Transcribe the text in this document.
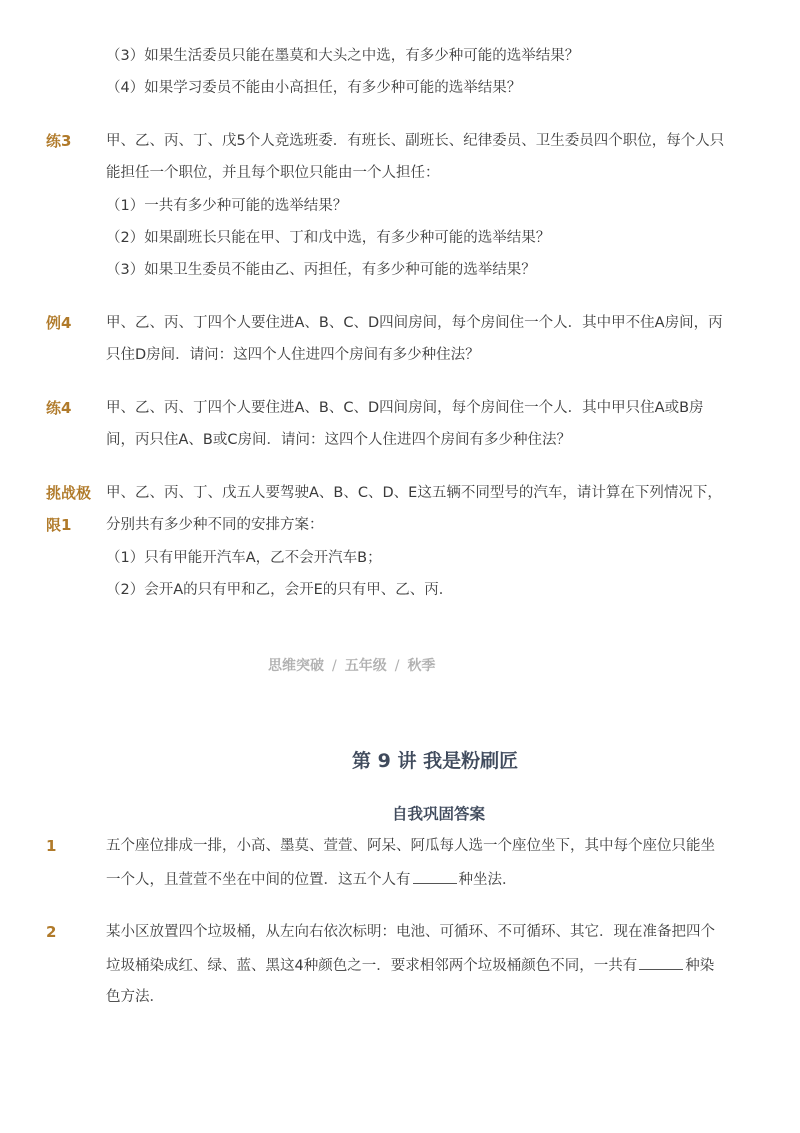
（3）如果生活委员只能在墨莫和大头之中选，有多少种可能的选举结果？
（4）如果学习委员不能由小高担任，有多少种可能的选举结果？
练3 甲、乙、丙、丁、戊5个人竞选班委．有班长、副班长、纪律委员、卫生委员四个职位，每个人只
能担任一个职位，并且每个职位只能由一个人担任：
（1）一共有多少种可能的选举结果？
（2）如果副班长只能在甲、丁和戊中选，有多少种可能的选举结果？
（3）如果卫生委员不能由乙、丙担任，有多少种可能的选举结果？
例4 甲、乙、丙、丁四个人要住进A、B、C、D四间房间，每个房间住一个人．其中甲不住A房间，丙
只住D房间．请问：这四个人住进四个房间有多少种住法？
练4 甲、乙、丙、丁四个人要住进A、B、C、D四间房间，每个房间住一个人．其中甲只住A或B房
间，丙只住A、B或C房间．请问：这四个人住进四个房间有多少种住法？
挑战极
限1
甲、乙、丙、丁、戊五人要驾驶A、B、C、D、E这五辆不同型号的汽车，请计算在下列情况下，
分别共有多少种不同的安排方案：
（1）只有甲能开汽车A，乙不会开汽车B；
（2）会开A的只有甲和乙，会开E的只有甲、乙、丙．
思维突破 / 五年级 / 秋季
第 9 讲 我是粉刷匠
自我巩固答案
1	五个座位排成一排，小高、墨莫、萱萱、阿呆、阿瓜每人选一个座位坐下，其中每个座位只能坐
一个人，且萱萱不坐在中间的位置．这五个人有	种坐法．
2	某小区放置四个垃圾桶，从左向右依次标明：电池、可循环、不可循环、其它．现在准备把四个
垃圾桶染成红、绿、蓝、黑这4种颜色之一．要求相邻两个垃圾桶颜色不同，一共有	种染
色方法．
